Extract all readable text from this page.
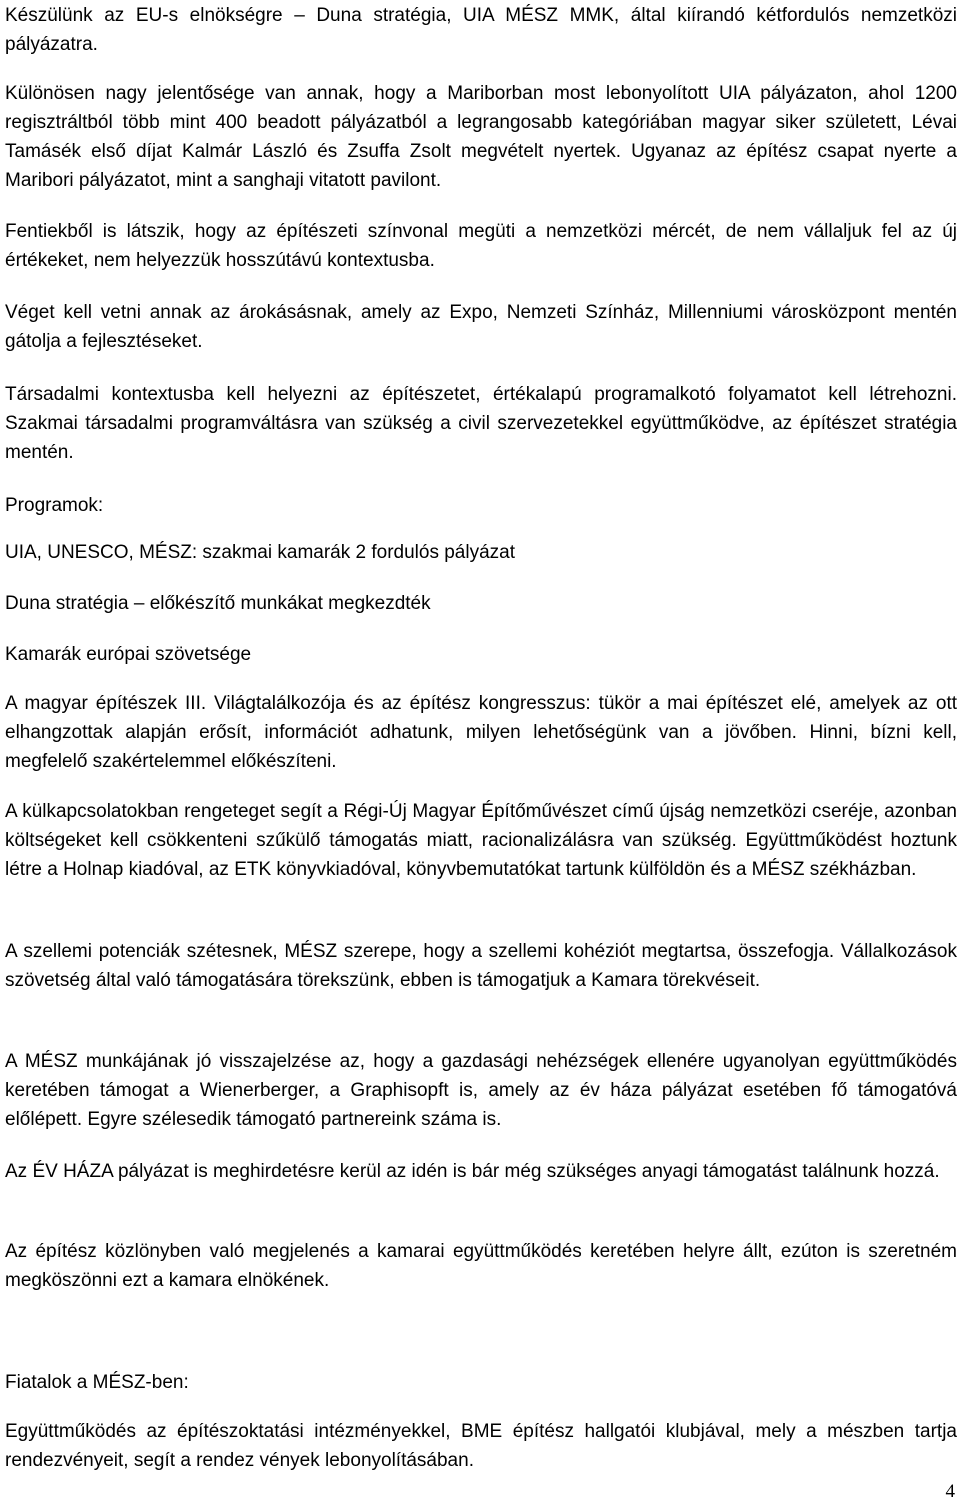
Készülünk az EU-s elnökségre – Duna stratégia, UIA MÉSZ MMK, által kiírandó kétfordulós nemzetközi pályázatra.

Különösen nagy jelentősége van annak, hogy a Mariborban most lebonyolított UIA pályázaton, ahol 1200 regisztráltból több mint 400 beadott pályázatból a legrangosabb kategóriában magyar siker született, Lévai Tamásék első díjat Kalmár László és Zsuffa Zsolt megvételt nyertek. Ugyanaz az építész csapat nyerte a Maribori pályázatot, mint a sanghaji vitatott pavilont.

Fentiekből is látszik, hogy az építészeti színvonal megüti a nemzetközi mércét, de nem vállaljuk fel az új értékeket, nem helyezzük hosszútávú kontextusba.

Véget kell vetni annak az árokásásnak, amely az Expo, Nemzeti Színház, Millenniumi városközpont mentén gátolja a fejlesztéseket.

Társadalmi kontextusba kell helyezni az építészetet, értékalapú programalkotó folyamatot kell létrehozni. Szakmai társadalmi programváltásra van szükség a civil szervezetekkel együttműködve, az építészet stratégia mentén.

Programok:

UIA, UNESCO, MÉSZ: szakmai kamarák 2 fordulós pályázat

Duna stratégia – előkészítő munkákat megkezdték

Kamarák európai szövetsége

A magyar építészek III. Világtalálkozója és az építész kongresszus: tükör a mai építészet elé, amelyek az ott elhangzottak alapján erősít, információt adhatunk, milyen lehetőségünk van a jövőben. Hinni, bízni kell, megfelelő szakértelemmel előkészíteni.

A külkapcsolatokban rengeteget segít a Régi-Új Magyar Építőművészet című újság nemzetközi cseréje, azonban költségeket kell csökkenteni szűkülő támogatás miatt, racionalizálásra van szükség. Együttműködést hoztunk létre a Holnap kiadóval, az ETK könyvkiadóval, könyvbemutatókat tartunk külföldön és a MÉSZ székházban.

A szellemi potenciák szétesnek, MÉSZ szerepe, hogy a szellemi kohéziót megtartsa, összefogja. Vállalkozások szövetség által való támogatására törekszünk, ebben is támogatjuk a Kamara törekvéseit.

A MÉSZ munkájának jó visszajelzése az, hogy a gazdasági nehézségek ellenére ugyanolyan együttműködés keretében támogat a Wienerberger, a Graphisopft is, amely az év háza pályázat esetében fő támogatóvá előlépett. Egyre szélesedik támogató partnereink száma is.

Az ÉV HÁZA pályázat is meghirdetésre kerül az idén is bár még szükséges anyagi támogatást találnunk hozzá.

Az építész közlönyben való megjelenés a kamarai együttműködés keretében helyre állt, ezúton is szeretném megköszönni ezt a kamara elnökének.

Fiatalok a MÉSZ-ben:

Együttműködés az építészoktatási intézményekkel, BME építész hallgatói klubjával, mely a mészben tartja rendezvényeit, segít a rendez vények lebonyolításában.

4
